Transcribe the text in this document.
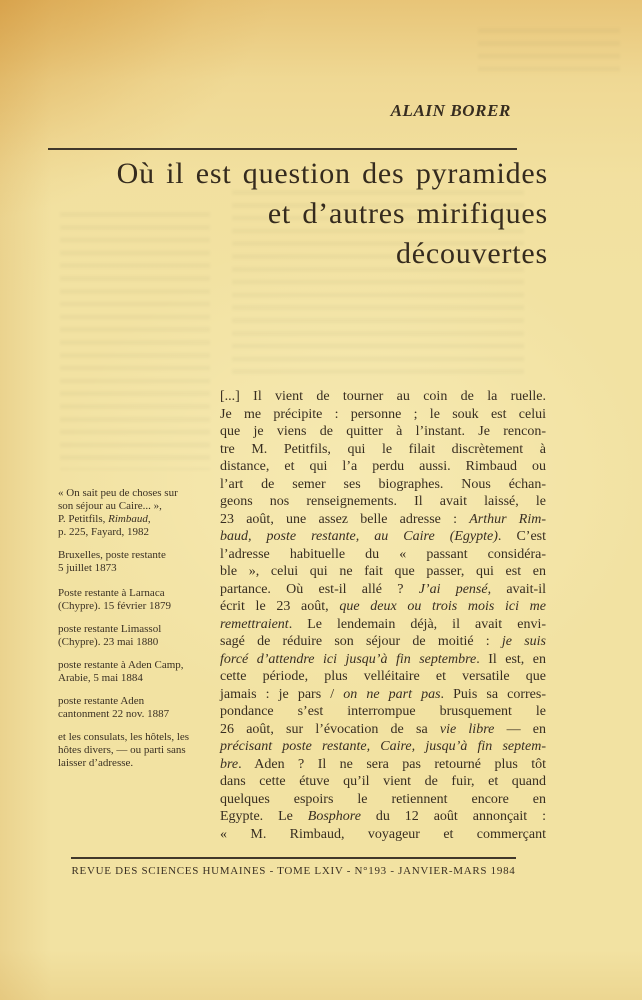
ALAIN BORER
Où il est question des pyramides
et d’autres mirifiques
découvertes
« On sait peu de choses sur
son séjour au Caire... »,
P. Petitfils, Rimbaud,
p. 225, Fayard, 1982
Bruxelles, poste restante
5 juillet 1873
Poste restante à Larnaca
(Chypre). 15 février 1879
poste restante Limassol
(Chypre). 23 mai 1880
poste restante à Aden Camp,
Arabie, 5 mai 1884
poste restante Aden
cantonment 22 nov. 1887
et les consulats, les hôtels, les
hôtes divers, — ou parti sans
laisser d’adresse.
[...] Il vient de tourner au coin de la ruelle.
Je me précipite : personne ; le souk est celui
que je viens de quitter à l’instant. Je rencon-
tre M. Petitfils, qui le filait discrètement à
distance, et qui l’a perdu aussi. Rimbaud ou
l’art de semer ses biographes. Nous échan-
geons nos renseignements. Il avait laissé, le
23 août, une assez belle adresse : Arthur Rim-
baud, poste restante, au Caire (Egypte). C’est
l’adresse habituelle du « passant considéra-
ble », celui qui ne fait que passer, qui est en
partance. Où est-il allé ? J’ai pensé, avait-il
écrit le 23 août, que deux ou trois mois ici me
remettraient. Le lendemain déjà, il avait envi-
sagé de réduire son séjour de moitié : je suis
forcé d’attendre ici jusqu’à fin septembre. Il est, en
cette période, plus velléitaire et versatile que
jamais : je pars / on ne part pas. Puis sa corres-
pondance s’est interrompue brusquement le
26 août, sur l’évocation de sa vie libre — en
précisant poste restante, Caire, jusqu’à fin septem-
bre. Aden ? Il ne sera pas retourné plus tôt
dans cette étuve qu’il vient de fuir, et quand
quelques espoirs le retiennent encore en
Egypte. Le Bosphore du 12 août annonçait :
« M. Rimbaud, voyageur et commerçant
REVUE DES SCIENCES HUMAINES - TOME LXIV - N°193 - JANVIER-MARS 1984
